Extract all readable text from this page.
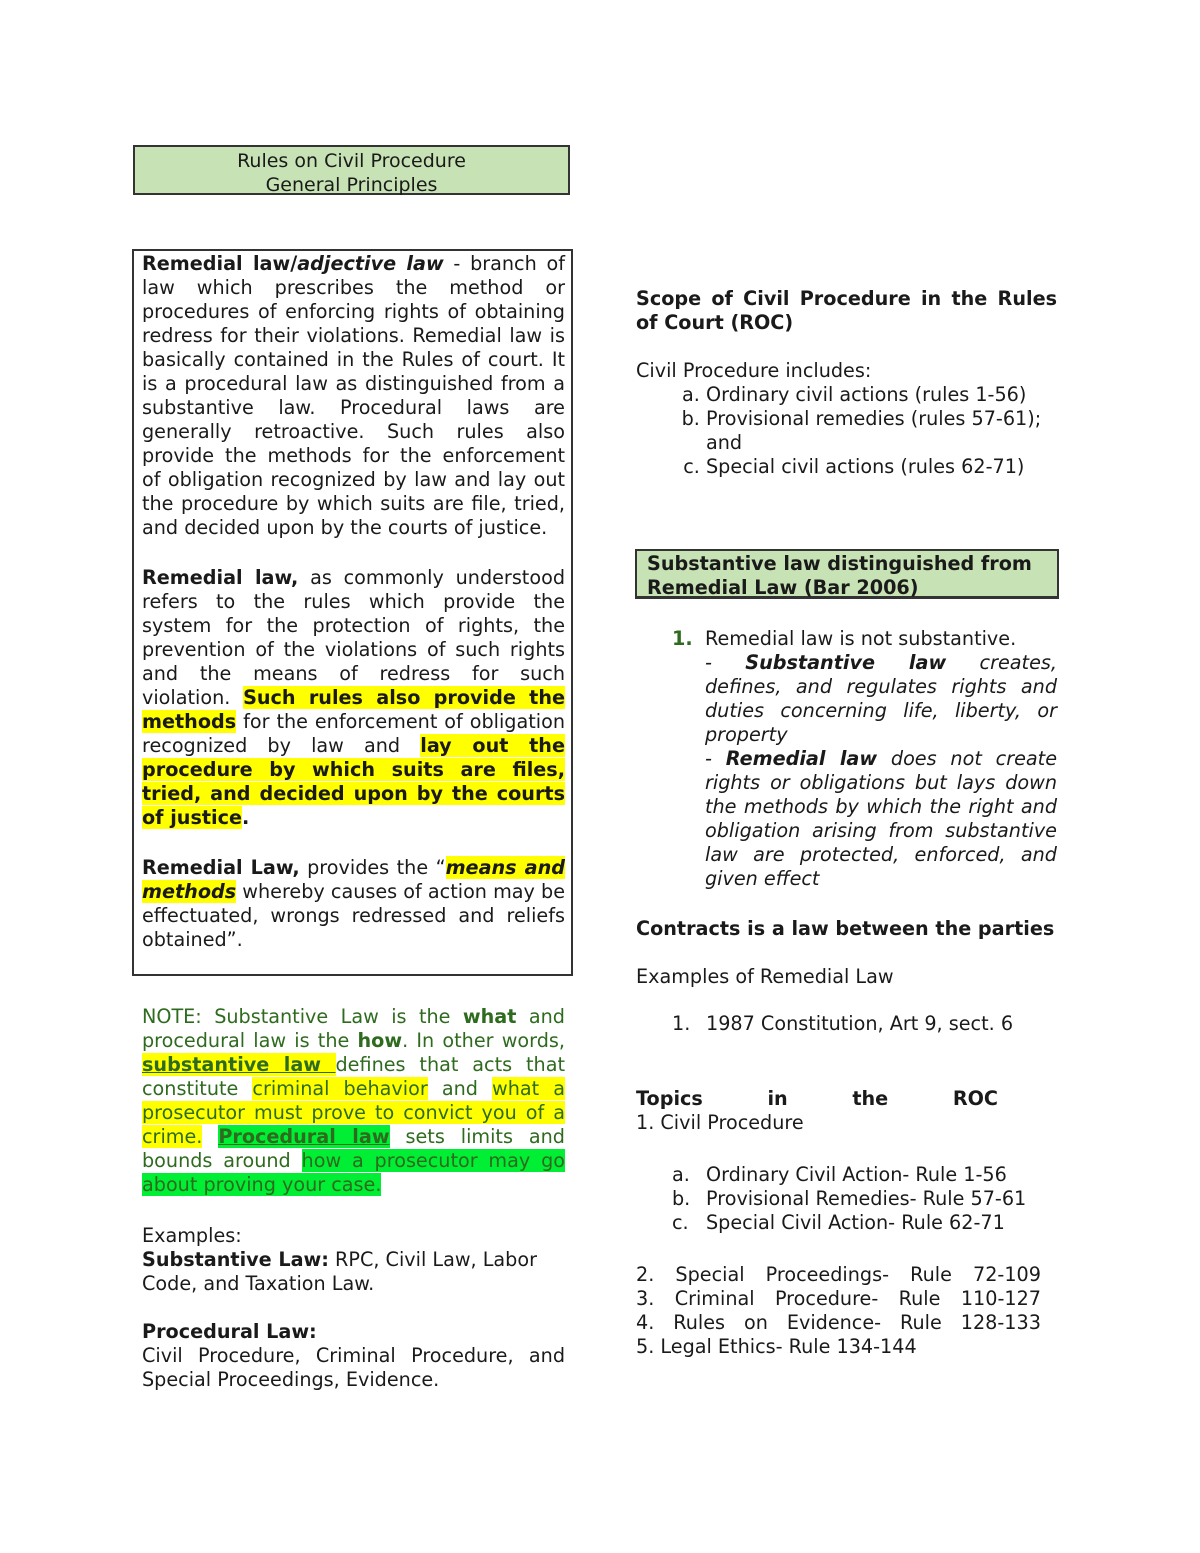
Rules on Civil Procedure
General Principles

Remedial law/adjective law - branch of law which prescribes the method or procedures of enforcing rights of obtaining redress for their violations. Remedial law is basically contained in the Rules of court. It is a procedural law as distinguished from a substantive law. Procedural laws are generally retroactive. Such rules also provide the methods for the enforcement of obligation recognized by law and lay out the procedure by which suits are file, tried, and decided upon by the courts of justice.

Remedial law, as commonly understood refers to the rules which provide the system for the protection of rights, the prevention of the violations of such rights and the means of redress for such violation. Such rules also provide the methods for the enforcement of obligation recognized by law and lay out the procedure by which suits are files, tried, and decided upon by the courts of justice.

Remedial Law, provides the “means and methods whereby causes of action may be effectuated, wrongs redressed and reliefs obtained”.

NOTE: Substantive Law is the what and procedural law is the how. In other words, substantive law defines that acts that constitute criminal behavior and what a prosecutor must prove to convict you of a crime. Procedural law sets limits and bounds around how a prosecutor may go about proving your case.
Examples:

Substantive Law: RPC, Civil Law, Labor Code, and Taxation Law.

Procedural Law:
Civil Procedure, Criminal Procedure, and Special Proceedings, Evidence.
Scope of Civil Procedure in the Rules of Court (ROC)
Civil Procedure includes:
a. Ordinary civil actions (rules 1-56)
b. Provisional remedies (rules 57-61); and
c. Special civil actions (rules 62-71)
Substantive law distinguished from Remedial Law (Bar 2006)
1. Remedial law is not substantive.
- Substantive law creates, defines, and regulates rights and duties concerning life, liberty, or property
- Remedial law does not create rights or obligations but lays down the methods by which the right and obligation arising from substantive law are protected, enforced, and given effect
Contracts is a law between the parties
Examples of Remedial Law
1. 1987 Constitution, Art 9, sect. 6
Topics	in	the	ROC
1. Civil Procedure
a. Ordinary Civil Action- Rule 1-56
b. Provisional Remedies- Rule 57-61
c. Special Civil Action- Rule 62-71
2. Special Proceedings- Rule 72-109
3. Criminal Procedure- Rule 110-127
4. Rules on Evidence- Rule 128-133
5. Legal Ethics- Rule 134-144
